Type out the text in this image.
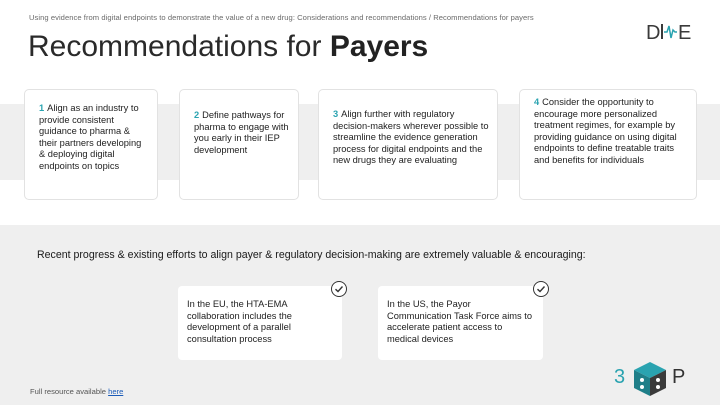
Using evidence from digital endpoints to demonstrate the value of a new drug: Considerations and recommendations / Recommendations for payers
Recommendations for Payers	D E
1 Align as an industry to provide consistent guidance to pharma & their partners developing & deploying digital endpoints on topics
2 Define pathways for pharma to engage with you early in their IEP development
3 Align further with regulatory decision-makers wherever possible to streamline the evidence generation process for digital endpoints and the new drugs they are evaluating
4 Consider the opportunity to encourage more personalized treatment regimes, for example by providing guidance on using digital endpoints to define treatable traits and benefits for individuals

Recent progress & existing efforts to align payer & regulatory decision-making are extremely valuable & encouraging:

In the EU, the HTA-EMA collaboration includes the development of a parallel consultation process
In the US, the Payor Communication Task Force aims to accelerate patient access to medical devices
Full resource available here
3 P
